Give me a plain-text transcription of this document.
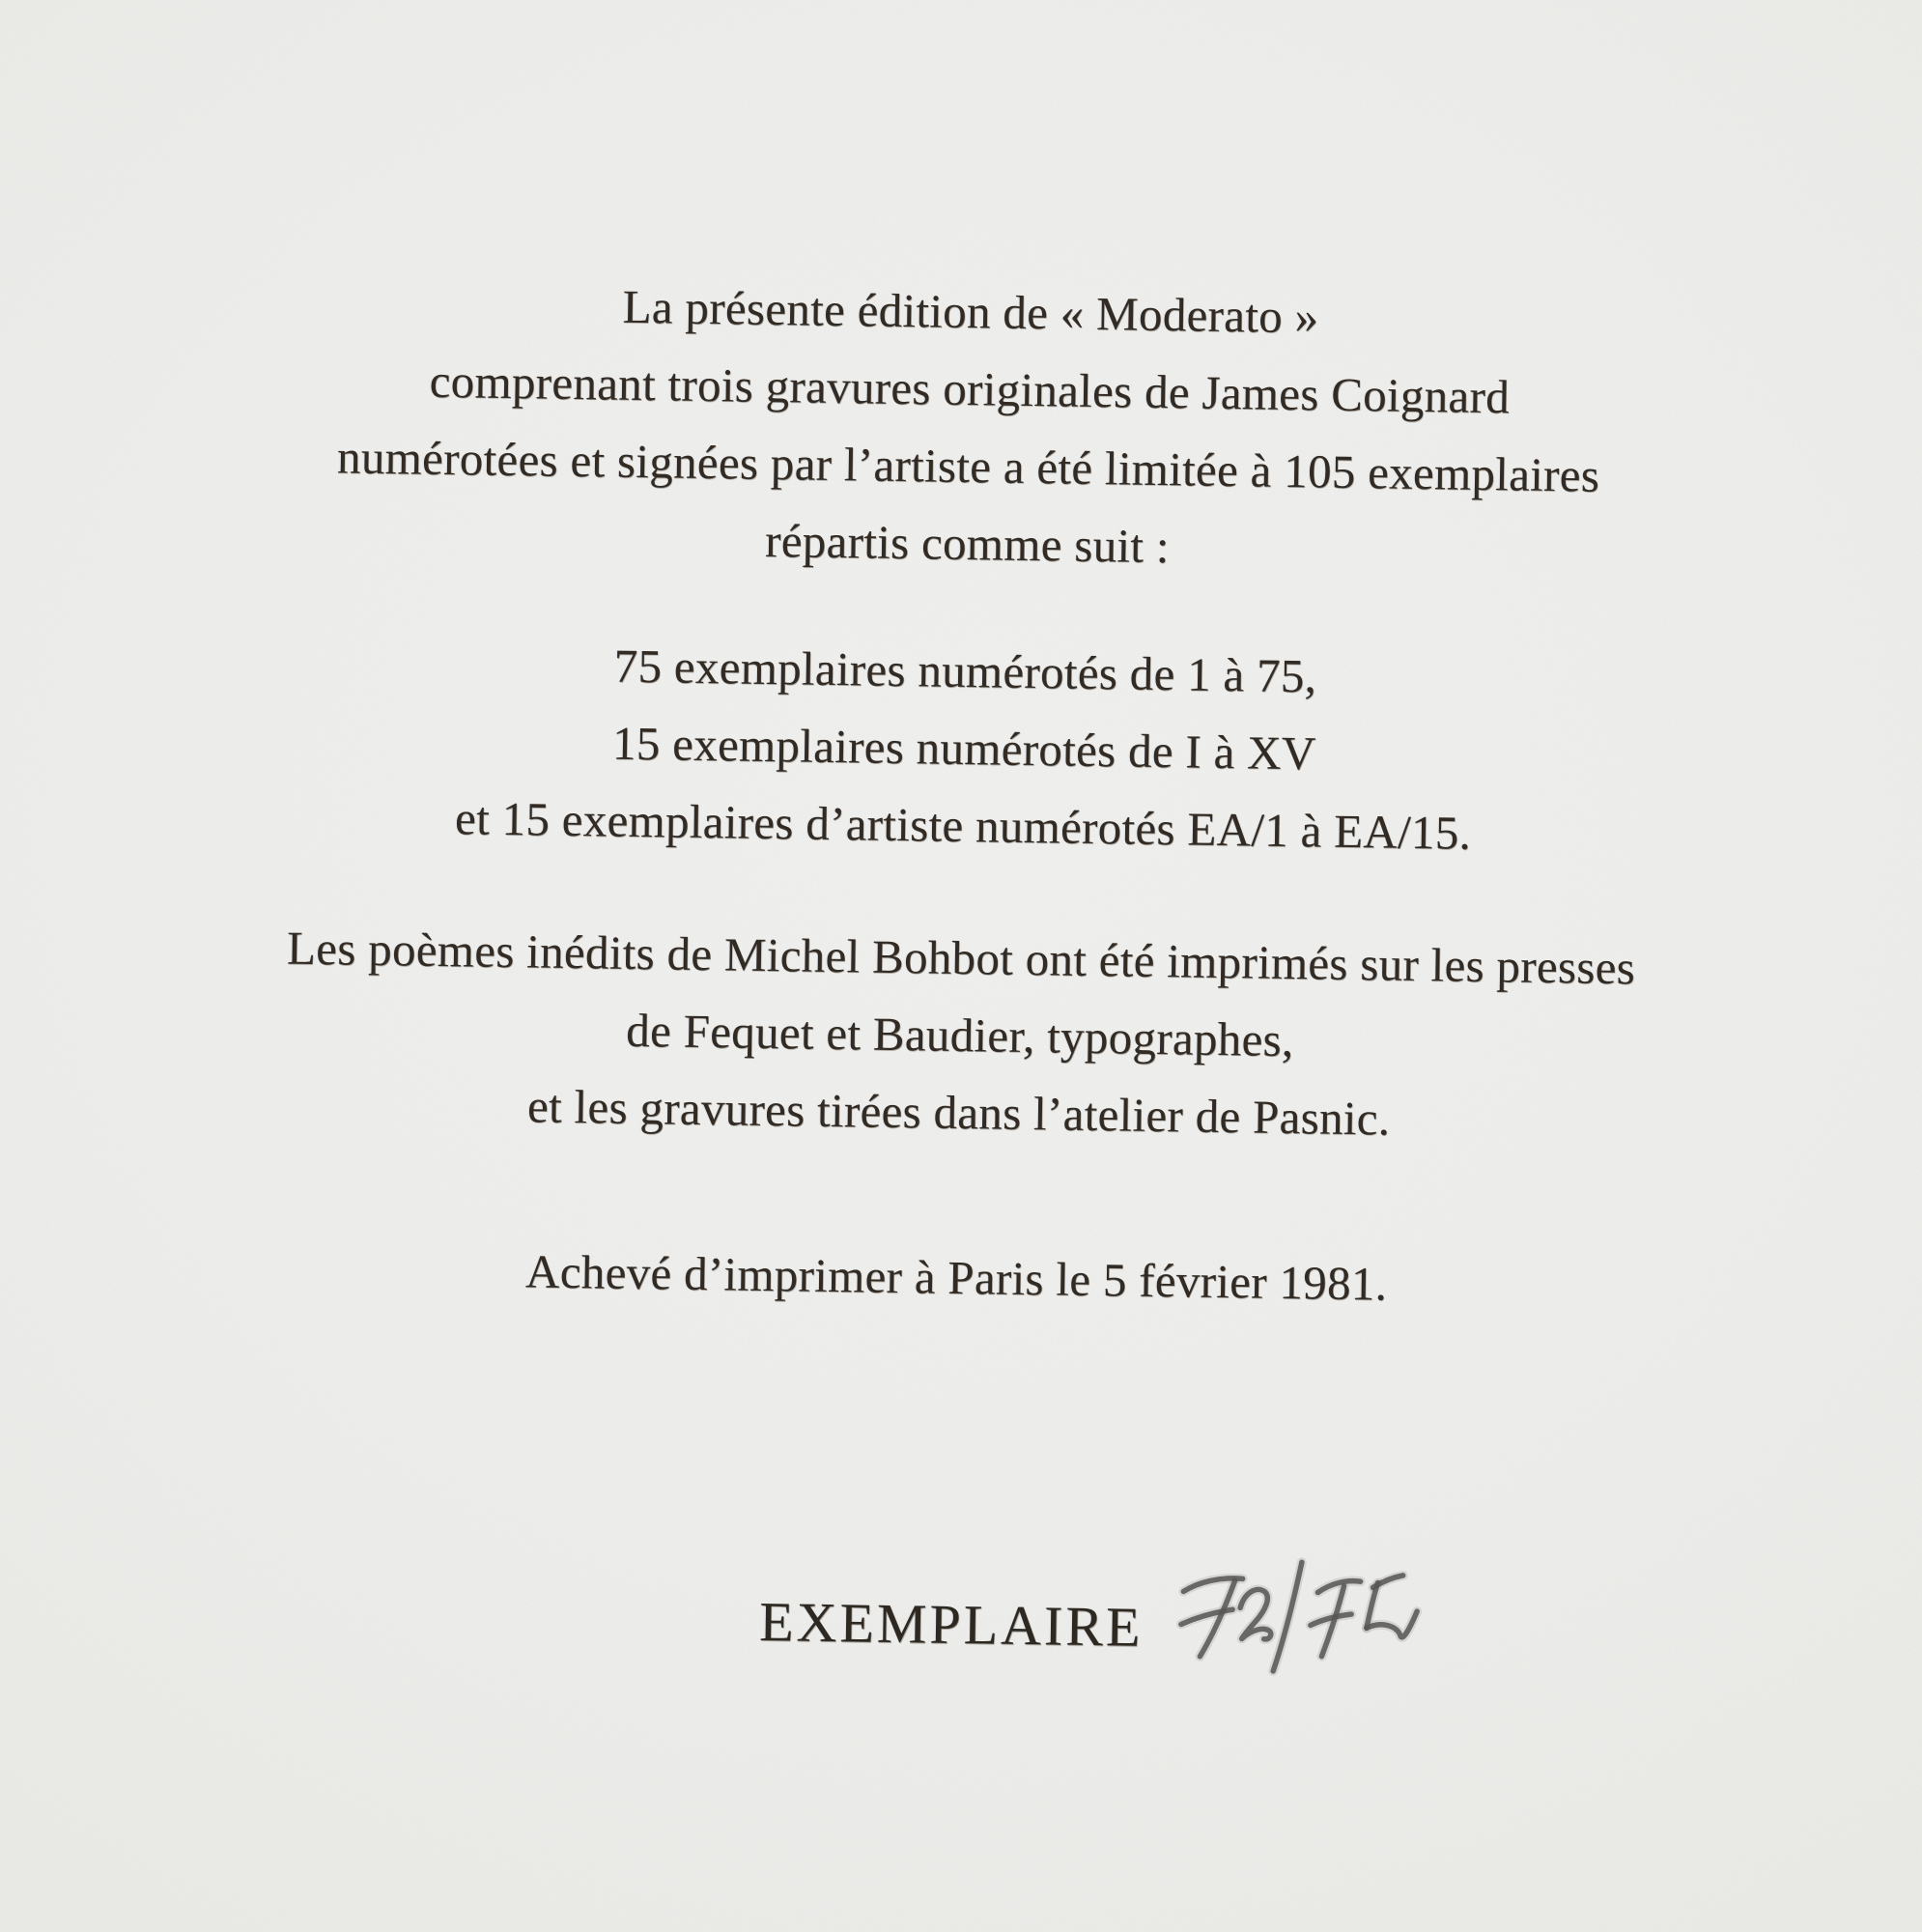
La présente édition de « Moderato »
comprenant trois gravures originales de James Coignard
numérotées et signées par l’artiste a été limitée à 105 exemplaires
répartis comme suit :
75 exemplaires numérotés de 1 à 75,
15 exemplaires numérotés de I à XV
et 15 exemplaires d’artiste numérotés EA/1 à EA/15.
Les poèmes inédits de Michel Bohbot ont été imprimés sur les presses
de Fequet et Baudier, typographes,
et les gravures tirées dans l’atelier de Pasnic.
Achevé d’imprimer à Paris le 5 février 1981.
EXEMPLAIRE
